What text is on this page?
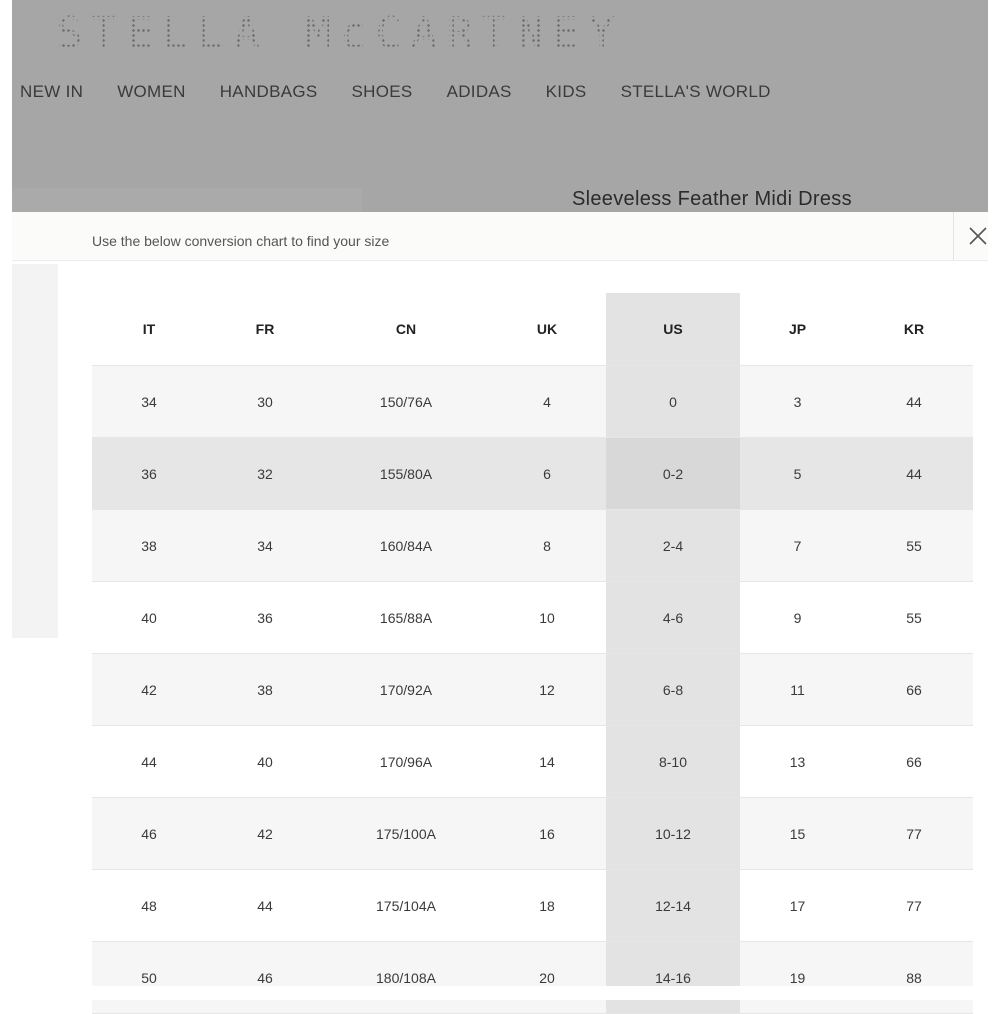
STELLA McCARTNEY
NEW IN WOMEN HANDBAGS SHOES ADIDAS KIDS STELLA'S WORLD
Sleeveless Feather Midi Dress
Use the below conversion chart to find your size
IT	FR	CN	UK	US	JP	KR
34	30	150/76A	4	0	3	44
36	32	155/80A	6	0-2	5	44
38	34	160/84A	8	2-4	7	55
40	36	165/88A	10	4-6	9	55
42	38	170/92A	12	6-8	11	66
44	40	170/96A	14	8-10	13	66
46	42	175/100A	16	10-12	15	77
48	44	175/104A	18	12-14	17	77
50	46	180/108A	20	14-16	19	88
